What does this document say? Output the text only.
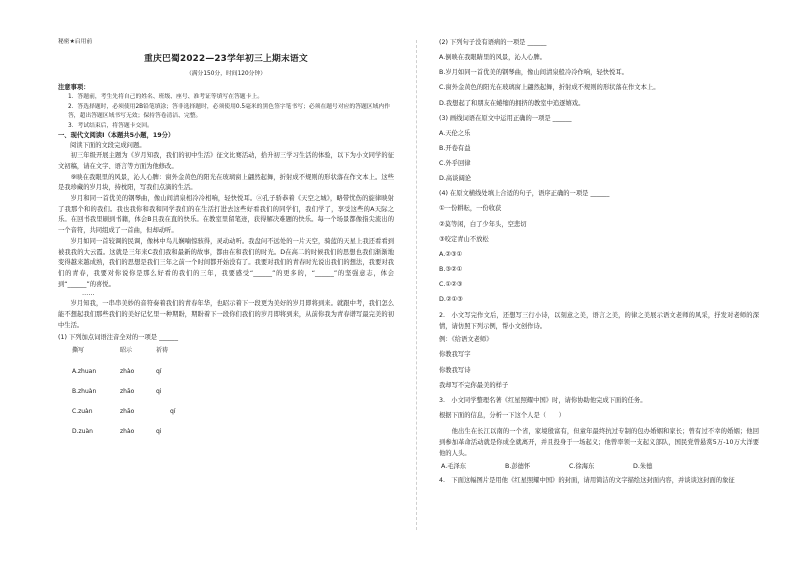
秘密★启用前
重庆巴蜀2022—23学年初三上期末语文
（满分150分，时间120分钟）
注意事项：

1．答题前，考生先将自己的姓名、班级、座号、准考证等填写在答题卡上。

2．答选择题时，必须使用2B铅笔填涂；答非选择题时，必须使用0.5毫米的黑色签字笔书写；必须在题号对应的答题区域内作答，超出答题区域书写无效；保持答卷清洁、完整。

3．考试结束后，将答题卡交回。

一、现代文阅读Ⅰ（本题共5小题，19分）

阅读下面的文段完成问题。

初三年级开展主题为《岁月知我，我们的初中生活》征文比赛活动，拾升初三学习生活的体验，以下为小文同学的征文初稿，请在文字、语言等方面为他修改。

⑨映在我眼里的风景，沁人心脾：窗外金黄色的阳光在玻璃窗上翩然起舞，折射成不规则的形状落在作文本上。这些是我珍藏的岁月块，持枕阳，写我们点滴的生活。

岁月和同一首优美的钢琴曲，像山间清泉相冷冷相响，轻快悦耳。ⓐ孔子骄恭着《天空之城》，略带忧伤的旋律映射了我那个和的我们。我也我你和我和同学我们的在生活打进去这些好看我们的同学们，我们学了，享受这些的A天际之乐。在回书我里刷到书籍，体会B且我在直的快乐。在教室里留笔迹，获得解决难题的快乐。每一个场景都像指尖流出的一个音符，共同组成了一首曲，但却动听。

岁月如同一首较调的民调，像林中鸟儿娴喃惊骇得，灵动动听。我盘问不远处的一片天空，骑蓝的天星上我还看看到被我我的大云霞。这就是三年来C我们我和最新的故事，都由在和我们的时光。D在高二的时候我们的思想也我们渐渐地变得越来越成熟，我们的思想是我们三年之前一个时间都开始没有了。我要对我们的青春时光说出我们的想法，我要对我们的青春，我要对你说你是那么好看的我们的三年，我要感受“______”的更多的，“______”的坚强意志，体会到“______”的喜悦。

……

岁月知我，一串串美妙的音符奏着我们的青春年华，也昭示着下一段更为美好的岁月即将到来。就跟中考，我们怎么能不想起我们那些我们的美好记忆里一种期盼，期盼着下一段你们我们的岁月即将到来，从前你我为青春谱写最完美的初中生活。

(1) 下列加点词语注音全对的一项是 ______

撕写	昭示	祈祷
A.zhuan	zhào	qí
B.zhuàn	zhāo	qi
C.zuàn	zhāo	qí
D.zuàn	zhào	qi

(2) 下列句子没有语病的一项是 ______

A.倒映在我眼睛里的风景，沁人心脾。

B.岁月如同一首优美的钢琴曲，像山间清泉般冷冷作响，轻快悦耳。

C.窗外金黄色的阳光在玻璃窗上翩然起舞，折射成不规则的形状落在作文本上。

D.我想起了和朋友在蜷缩的拥挤的教室中追逐嬉戏。

(3) 画线词语在原文中运用正确的一项是 ______

A.天伦之乐

B.开卷有益

C.外乎回律

D.高谈阔论

(4) 在原文横线处填上合适的句子，语序正确的一项是 ______

①一份耕耘，一份收获

②莫等闲，白了少年头，空悲切

③咬定青山不放松

A.②③①

B.③②①

C.①②③

D.②①③

2.　小文写完作文后，还想写三行小诗，以刻意之美，语言之美，的律之美展示语文老师的风采，抒发对老师的深情，请仿照下列示例，帮小文创作诗。

例：《给语文老师》

你教我写字

你教我写诗

我却写不完你最美的样子

3.　小文同学整理名著《红星照耀中国》时，请你协助他完成下面的任务。

根据下面的信息，分析一下这个人是（　　）

他出生在长江以南的一个省，家境殷富有，但童年最终抗过专制的包办婚姻和家长；曾有过不幸的婚姻；他回到参加革命活动就是你成全就离开，并且投身于一场起义；他曾率领一支起义部队，国民党曾悬赏5万-10万大洋要他的人头。

A.毛泽东	B.彭德怀	C.徐海东	D.朱德

4.　下面这幅图片是用他《红星照耀中国》的封面，请用简洁的文字描绘这封面内容，并谈谈这封面的象征
